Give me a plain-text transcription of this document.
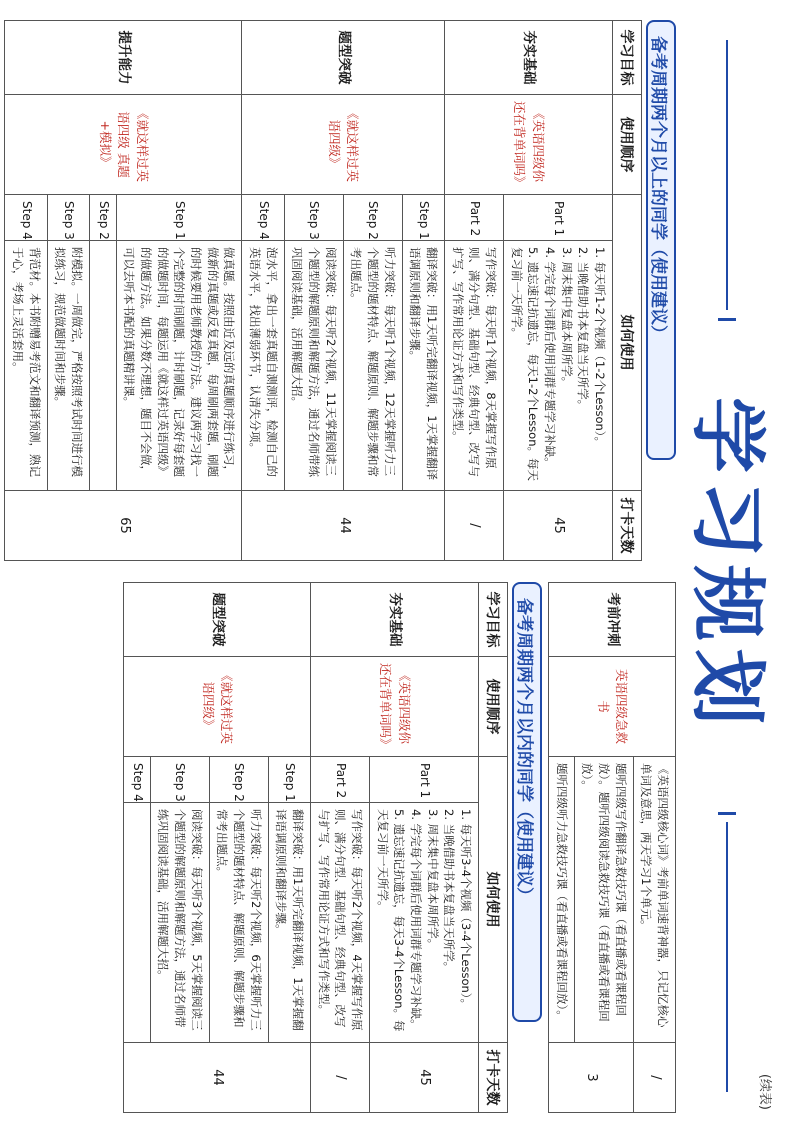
学习规划
(续表)
备考周期两个月以上的同学（使用建议）
学习目标	使用顺序	如何使用		打卡天数
夯实基础	《英语四级你还在背单词吗》	Part 1	1. 每天听1-2个视频（1-2个Lesson）。
2. 当晚借助书本复盘当天所学。
3. 周末集中复盘本周所学。
4. 学完每个词群后使用词群专题学习补缺。
5. 遗忘速记抗遗忘，每天1-2个Lesson。每天复习前一天所学。	45
		Part 2	写作突破：每天听1个视频，8天掌握写作原则、满分句型、基础句型、经典句型、改写与扩写、写作常用论证方式和写作类型。	/
题型突破	《就这样过英语四级》	Step 1	翻译突破：用1天听完翻译视频，1天掌握翻译语调原则和翻译步骤。	44
		Step 2	听力突破：每天听1个视频，12天掌握听力三个题型的题材特点、解题原则、解题步骤和常考出题点。	
		Step 3	阅读突破：每天听2个视频，11天掌握阅读三个题型的解题原则和解题方法，通过名师带练巩固阅读基础，活用解题大招。	
		Step 4	泡水平，拿出一套真题自测测评，检测自己的英语水平，找出薄弱环节，认清失分项。	
提升能力	《就这样过英语四级 真题+模拟》	Step 1	做真题。按照由近及远的真题顺序进行练习，做新的真题或反复真题，每周刷两套题，刷题的时候要用老师教授的方法。建议两学习找一个完整的时间刷题，计时刷题，记录好每套题的做题时间，每题运用《就这样过英语四级》的做题方法。如果分数不理想，题目不会做，可以去听本书配的真题精讲课。	65
		Step 2		
		Step 3	附模拟。一周做完，严格按照考试时间进行模拟练习，规范做题时间和步骤。	
		Step 4	背范材。本书附赠易考范文和翻译预测，熟记于心，考场上灵活套用。	
考前冲刺	英语四级急救书	《英语四级核心词》考前单词速背神器，只记忆核心单词及意思，两天学习1个单元。	/
		题听四级写作翻译急救技巧课（看直播或看课程回放）。题听四级阅读急救技巧课（看直播或看课程回放）。	3
		题听四级听力急救技巧课（看直播或看课程回放）。	
备考周期两个月以内的同学（使用建议）
学习目标	使用顺序	如何使用		打卡天数
夯实基础	《英语四级你还在背单词吗》	Part 1	1. 每天听3-4个视频（3-4个Lesson）。
2. 当晚借助书本复盘当天所学。
3. 周末集中复盘本周所学。
4. 学完每个词群后使用词群专题学习补缺。
5. 遗忘速记抗遗忘，每天3-4个Lesson。每天复习前一天所学。	45
		Part 2	写作突破：每天听2个视频，4天掌握写作原则、满分句型、基础句型、经典句型、改写与扩写、写作常用论证方式和写作类型。	/
题型突破	《就这样过英语四级》	Step 1	翻译突破：用1天听完翻译视频，1天掌握翻译语调原则和翻译步骤。	44
		Step 2	听力突破：每天听2个视频，6天掌握听力三个题型的题材特点、解题原则、解题步骤和常考出题点。	
		Step 3	阅读突破：每天听3个视频，5天掌握阅读三个题型的解题原则和解题方法，通过名师带练巩固阅读基础，活用解题大招。	
		Step 4		
